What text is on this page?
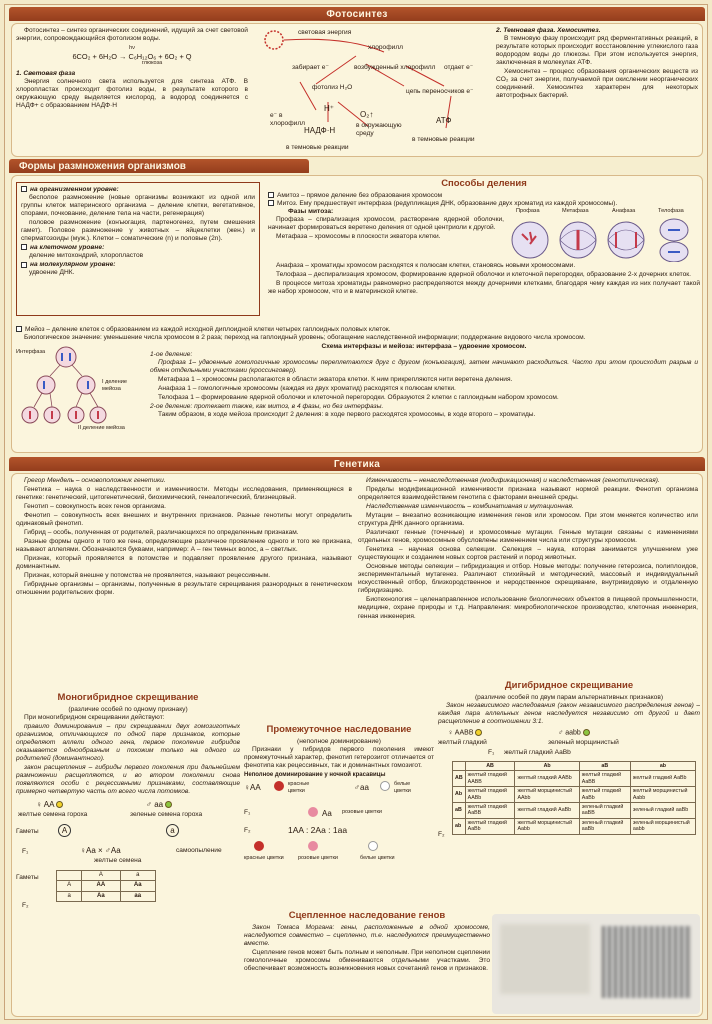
Фотосинтез

Фотосинтез – синтез органических соединений, идущий за счет световой энергии, сопровождающийся фотолизом воды.

hν
6CO₂ + 6H₂O → C₆H₁₂O₆ + 6O₂ + Q
глюкоза
1. Световая фаза

Энергия солнечного света используется для синтеза АТФ. В хлоропластах происходит фотолиз воды, в результате которого в окружающую среду выделяется кислород, а водород соединяется с НАДФ+ с образованием НАДФ·Н

световая энергия
хлорофилл
забирает e⁻	возбужденный хлорофилл отдает e⁻
фотолиз H₂O
цепь переносчиков e⁻
e⁻ в хлорофилл
H⁺
O₂↑
в окружающую среду
АТФ
НАДФ·Н
в темновые реакции
в темновые реакции
2. Темновая фаза. Хемосинтез.

В темновую фазу происходит ряд ферментативных реакций, в результате которых происходит восстановление углекислого газа водородом воды до глюкозы. При этом используется энергия, заключенная в молекулах АТФ.

Хемосинтез – процесс образования органических веществ из CO₂ за счет энергии, получаемой при окислении неорганических соединений. Хемосинтез характерен для некоторых автотрофных бактерий.

Формы размножения организмов
на организменном уровне:

бесполое размножение (новые организмы возникают из одной или группы клеток материнского организма – деление клетки, вегетативное, спорами, почкование, деление тела на части, регенерация)

половое размножение (конъюгация, партеногенез, путем смешения гамет). Половое размножение у животных – яйцеклетки (жен.) и сперматозоиды (муж.). Клетки – соматические (n) и половые (2n).

на клеточном уровне:

деление митохондрий, хлоропластов

на молекулярном уровне:

удвоение ДНК.

Способы деления
Амитоз – прямое деление без образования хромосом
Митоз. Ему предшествует интерфаза (редупликация ДНК, образование двух хроматид из каждой хромосомы).
Фазы митоза:

Профаза – спирализация хромосом, растворение ядерной оболочки, начинает формироваться веретено деления от одной центриоли к другой.

Метафаза – хромосомы в плоскости экватора клетки.

Профаза	Метафаза	Анафаза	Телофаза

Анафаза – хроматиды хромосом расходятся к полюсам клетки, становясь новыми хромосомами.

Телофаза – деспирализация хромосом, формирование ядерной оболочки и клеточной перегородки, образование 2-х дочерних клеток.

В процессе митоза хроматиды равномерно распределяются между дочерними клетками, благодаря чему каждая из них получает такой же набор хромосом, что и в материнской клетке.

Мейоз – деление клеток с образованием из каждой исходной диплоидной клетки четырех гаплоидных половых клеток.

Биологическое значение: уменьшение числа хромосом в 2 раза; переход на гаплоидный уровень; обогащение наследственной информации; поддержание видового числа хромосом.

Интерфаза
I деление мейоза
II деление мейоза
Схема интерфазы и мейоза: интерфаза – удвоение хромосом.
1-ое деление:

Профаза 1– удвоенные гомологичные хромосомы переплетаются друг с другом (конъюгация), затем начинают расходиться. Часто при этом происходит разрыв и обмен отдельными участками (кроссинговер).

Метафаза 1 – хромосомы располагаются в области экватора клетки. К ним прикрепляются нити веретена деления.

Анафаза 1 – гомологичные хромосомы (каждая из двух хроматид) расходятся к полюсам клетки.

Телофаза 1 – формирование ядерной оболочки и клеточной перегородки. Образуются 2 клетки с гаплоидным набором хромосом.

2-ое деление: протекает также, как митоз, в 4 фазы, но без интерфазы.

Таким образом, в ходе мейоза происходит 2 деления: в ходе первого расходятся хромосомы, в ходе второго – хроматиды.

Генетика

Грегор Мендель – основоположник генетики.

Генетика – наука о наследственности и изменчивости. Методы исследования, применяющиеся в генетике: генетический, цитогенетический, биохимический, генеалогический, близнецовый.

Генотип – совокупность всех генов организма.

Фенотип – совокупность всех внешних и внутренних признаков. Разные генотипы могут определить одинаковый фенотип.

Гибрид – особь, полученная от родителей, различающихся по определенным признакам.

Разные формы одного и того же гена, определяющие различное проявление одного и того же признака, называют аллелями. Обозначаются буквами, например: А – ген темных волос, а – светлых.

Признак, который проявляется в потомстве и подавляет проявление другого признака, называют доминантным.

Признак, который внешне у потомства не проявляется, называют рецессивным.

Гибридные организмы – организмы, полученные в результате скрещивания разнородных в генетическом отношении родительских форм.

Изменчивость – ненаследственная (модификационная) и наследственная (генотипическая).

Пределы модификационной изменчивости признака называют нормой реакции. Фенотип организма определяется взаимодействием генотипа с факторами внешней среды.

Наследственная изменчивость – комбинативная и мутационная.

Мутации – внезапно возникающие изменения генов или хромосом. При этом меняется количество или структура ДНК данного организма.

Различают генные (точечные) и хромосомные мутации. Генные мутации связаны с изменениями отдельных генов, хромосомные обусловлены изменением числа или структуры хромосом.

Генетика – научная основа селекции. Селекция – наука, которая занимается улучшением уже существующих и созданием новых сортов растений и пород животных.

Основные методы селекции – гибридизация и отбор. Новые методы: получение гетерозиса, полиплоидов, экспериментальный мутагенез. Различают стихийный и методический, массовый и индивидуальный искусственный отбор, близкородственное и неродственное скрещивание, внутривидовую и отдаленную гибридизацию.

Биотехнология – целенаправленное использование биологических объектов в пищевой промышленности, медицине, охране природы и т.д. Направления: микробиологическое производство, клеточная инженерия, генная инженерия.

Моногибридное скрещивание
(различие особей по одному признаку)

При моногибридном скрещивании действуют:

правило доминирования – при скрещивании двух гомозиготных организмов, отличающихся по одной паре признаков, которые определяют аллели одного гена, первое поколение гибридов оказывается однообразным и похожим только на одного из родителей (доминантного).

закон расщепления – гибриды первого поколения при дальнейшем размножении расщепляются, и во втором поколении снова появляются особи с рецессивными признаками, составляющие примерно четвертую часть от всего числа потомков.

♀ AA	♂ aa
желтые семена гороха	зеленые семена гороха
Гаметы	A	a
F₁	♀Aa × ♂Aa
желтые семена
самоопыление
Гаметы
F₂
	A	a
A	AA	Aa
a	Aa	aa
Промежуточное наследование
(неполное доминирование)

Признаки у гибридов первого поколения имеют промежуточный характер, фенотип гетерозигот отличается от фенотипа как рецессивных, так и доминантных гомозигот.

Неполное доминирование у ночной красавицы
♀AA	красные цветки	♂aa	белые цветки
F₁	Aa розовые цветки
F₂	1AA : 2Aa : 1aa
красные цветки	розовые цветки	белые цветки
Сцепленное наследование генов

Закон Томаса Моргана: гены, расположенные в одной хромосоме, наследуются совместно – сцепленно, т.е. наследуются преимущественно вместе.

Сцепление генов может быть полным и неполным. При неполном сцеплении гомологичные хромосомы обмениваются отдельными участками. Это обеспечивает возможность возникновения новых сочетаний генов и признаков.

Дигибридное скрещивание
(различие особей по двум парам альтернативных признаков)

Закон независимого наследования (закон независимого распределения генов) – каждая пара аллельных генов наследуется независимо от другой и дает расщепление в соотношении 3:1.

♀ AABB	♂ aabb
желтый гладкий	зеленый морщинистый
F₁ желтый гладкий AaBb
F₂
	AB	Ab	aB	ab
AB	желтый гладкий AABB	желтый гладкий AABb	желтый гладкий AaBB	желтый гладкий AaBb
Ab	желтый гладкий AABb	желтый морщинистый AAbb	желтый гладкий AaBb	желтый морщинистый Aabb
aB	желтый гладкий AaBB	желтый гладкий AaBb	зеленый гладкий aaBB	зеленый гладкий aaBb
ab	желтый гладкий AaBb	желтый морщинистый Aabb	зеленый гладкий aaBb	зеленый морщинистый aabb
